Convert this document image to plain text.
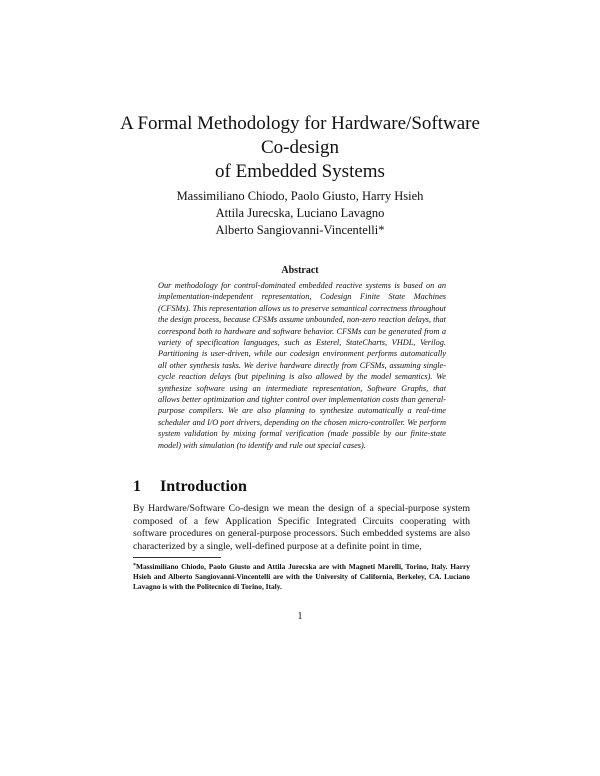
A Formal Methodology for Hardware/Software
Co-design
of Embedded Systems
Massimiliano Chiodo, Paolo Giusto, Harry Hsieh
Attila Jurecska, Luciano Lavagno
Alberto Sangiovanni-Vincentelli*
Abstract
Our methodology for control-dominated embedded reactive systems is based on an implementation-independent representation, Codesign Finite State Machines (CFSMs). This representation allows us to preserve semantical correctness throughout the design process, because CFSMs assume unbounded, non-zero reaction delays, that correspond both to hardware and software behavior. CFSMs can be generated from a variety of specification languages, such as Esterel, StateCharts, VHDL, Verilog. Partitioning is user-driven, while our codesign environment performs automatically all other synthesis tasks. We derive hardware directly from CFSMs, assuming single-cycle reaction delays (but pipelining is also allowed by the model semantics). We synthesize software using an intermediate representation, Software Graphs, that allows better optimization and tighter control over implementation costs than general-purpose compilers. We are also planning to synthesize automatically a real-time scheduler and I/O port drivers, depending on the chosen micro-controller. We perform system validation by mixing formal verification (made possible by our finite-state model) with simulation (to identify and rule out special cases).
1 Introduction
By Hardware/Software Co-design we mean the design of a special-purpose system composed of a few Application Specific Integrated Circuits cooperating with software procedures on general-purpose processors. Such embedded systems are also characterized by a single, well-defined purpose at a definite point in time,
*Massimiliano Chiodo, Paolo Giusto and Attila Jurecska are with Magneti Marelli, Torino, Italy. Harry Hsieh and Alberto Sangiovanni-Vincentelli are with the University of California, Berkeley, CA. Luciano Lavagno is with the Politecnico di Torino, Italy.
1
